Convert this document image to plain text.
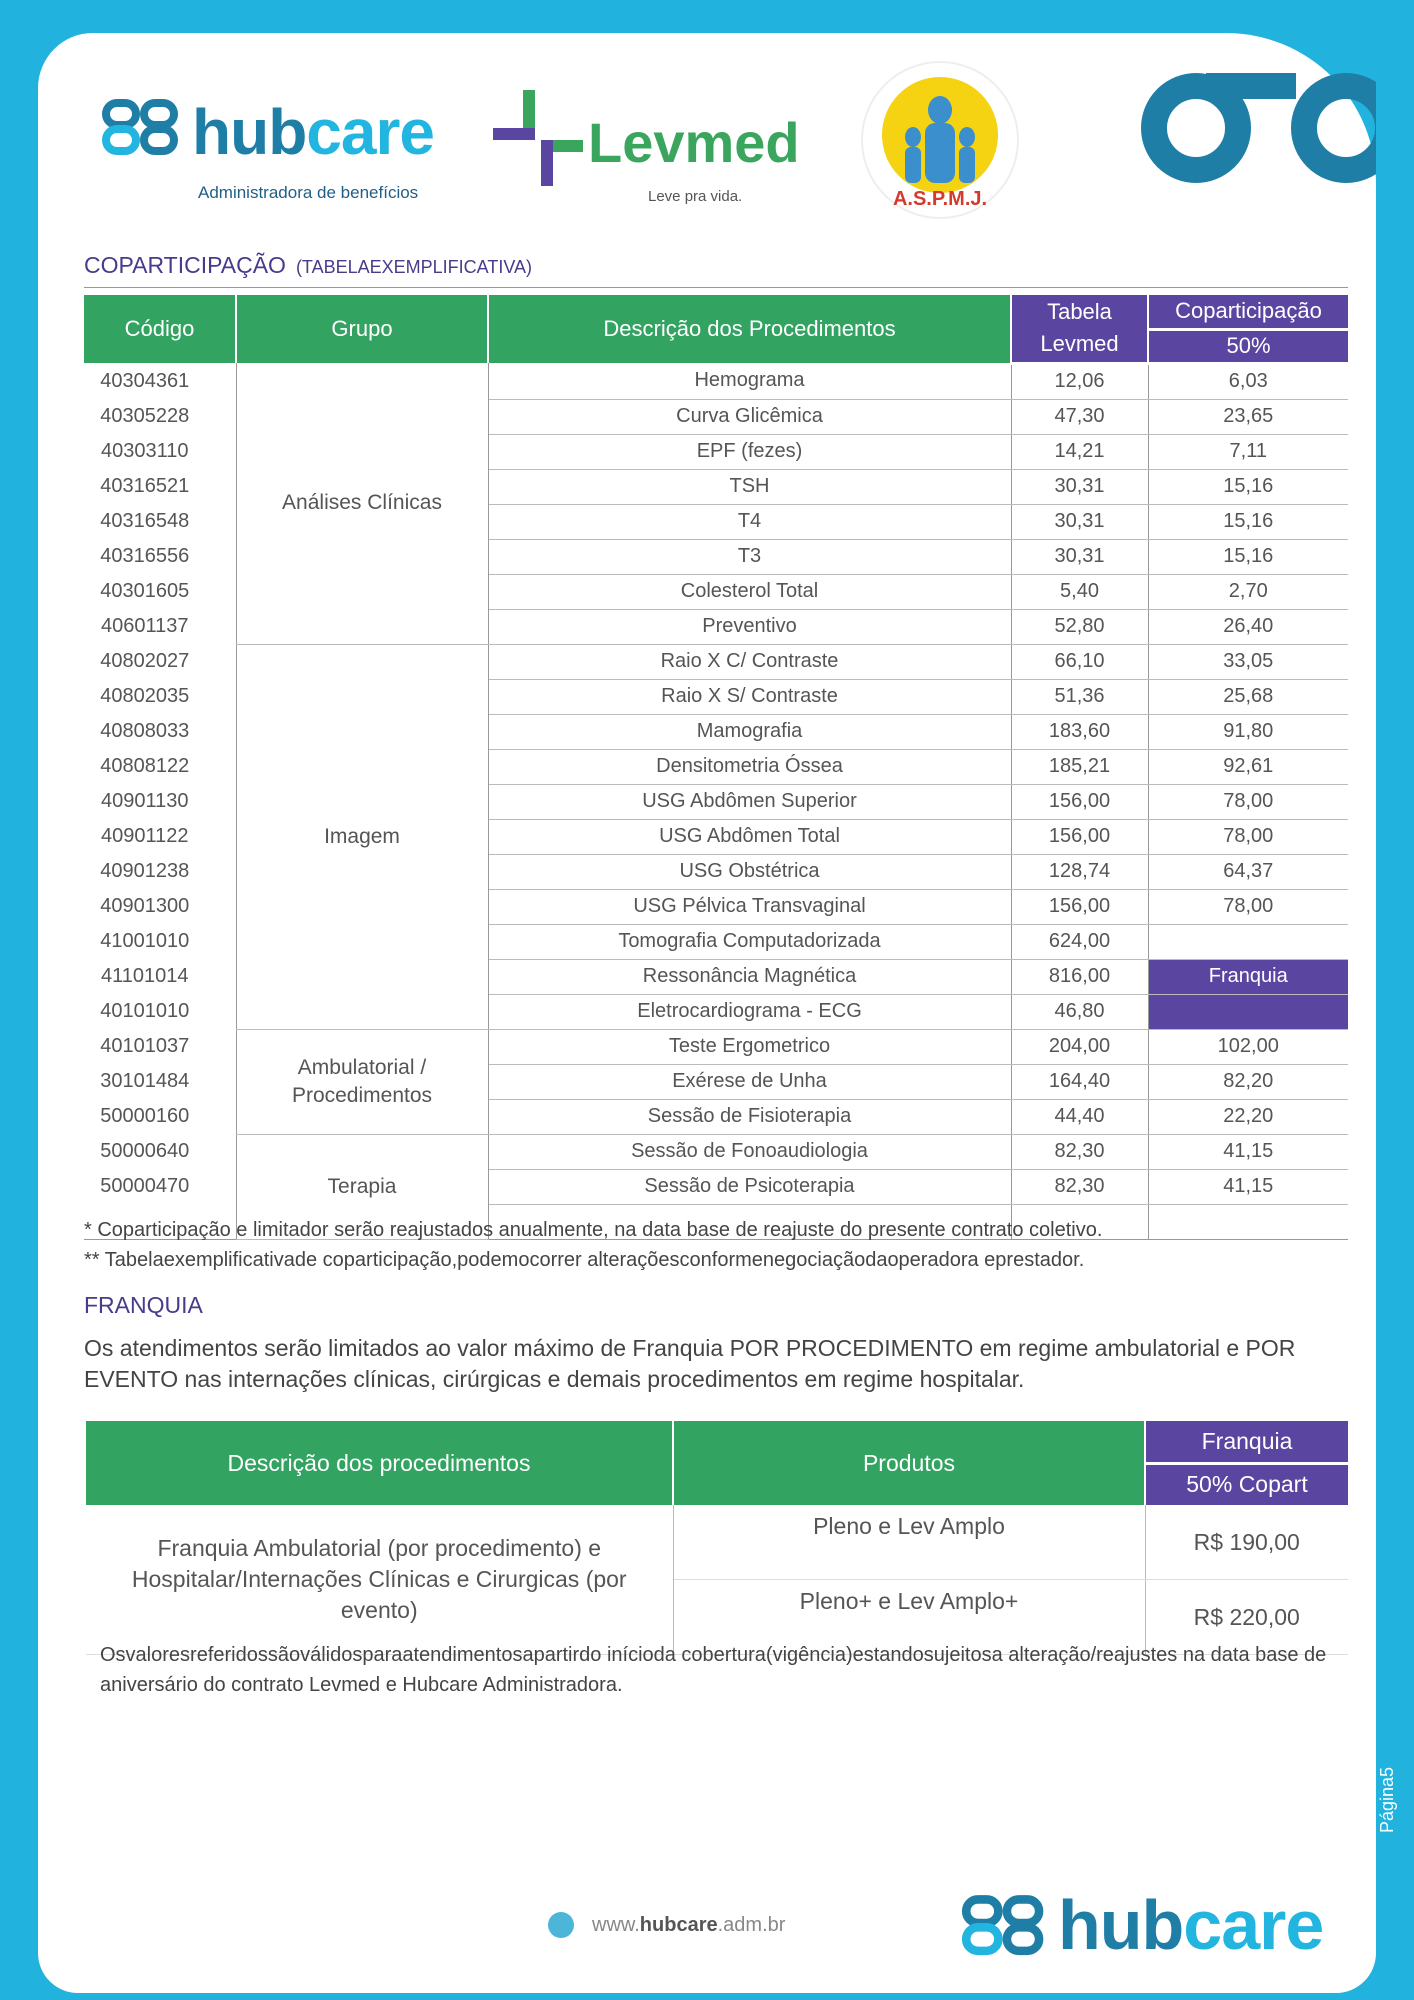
hubcare
Administradora de benefícios
Levmed
Leve pra vida.	A.S.P.M.J.
COPARTICIPAÇÃO (TABELAEXEMPLIFICATIVA)
Código	Grupo	Descrição dos Procedimentos	Tabela Levmed	Coparticipação
				50%
40304361	Análises Clínicas	Hemograma	12,06	6,03
40305228		Curva Glicêmica	47,30	23,65
40303110		EPF (fezes)	14,21	7,11
40316521		TSH	30,31	15,16
40316548		T4	30,31	15,16
40316556		T3	30,31	15,16
40301605		Colesterol Total	5,40	2,70
40601137		Preventivo	52,80	26,40
40802027	Imagem	Raio X C/ Contraste	66,10	33,05
40802035		Raio X S/ Contraste	51,36	25,68
40808033		Mamografia	183,60	91,80
40808122		Densitometria Óssea	185,21	92,61
40901130		USG Abdômen Superior	156,00	78,00
40901122		USG Abdômen Total	156,00	78,00
40901238		USG Obstétrica	128,74	64,37
40901300		USG Pélvica Transvaginal	156,00	78,00
41001010		Tomografia Computadorizada	624,00	
41101014		Ressonância Magnética	816,00	Franquia
40101010		Eletrocardiograma - ECG	46,80	
40101037	Ambulatorial / Procedimentos	Teste Ergometrico	204,00	102,00
30101484		Exérese de Unha	164,40	82,20
50000160		Sessão de Fisioterapia	44,40	22,20
50000640	Terapia	Sessão de Fonoaudiologia	82,30	41,15
50000470		Sessão de Psicoterapia	82,30	41,15

* Coparticipação e limitador serão reajustados anualmente, na data base de reajuste do presente contrato coletivo.
** Tabelaexemplificativade coparticipação,podemocorrer alteraçõesconformenegociaçãodaoperadora eprestador.
FRANQUIA
Os atendimentos serão limitados ao valor máximo de Franquia POR PROCEDIMENTO em regime ambulatorial e POR EVENTO nas internações clínicas, cirúrgicas e demais procedimentos em regime hospitalar.
Descrição dos procedimentos	Produtos	Franquia
		50% Copart
Franquia Ambulatorial (por procedimento) e Hospitalar/Internações Clínicas e Cirurgicas (por evento)	Pleno e Lev Amplo	R$ 190,00
	Pleno+ e Lev Amplo+	R$ 220,00
Osvaloresreferidossãoválidosparaatendimentosapartirdo inícioda cobertura(vigência)estandosujeitosa alteração/reajustes na data base de aniversário do contrato Levmed e Hubcare Administradora.
Página5
www. hubcare .adm.br	hubcare
